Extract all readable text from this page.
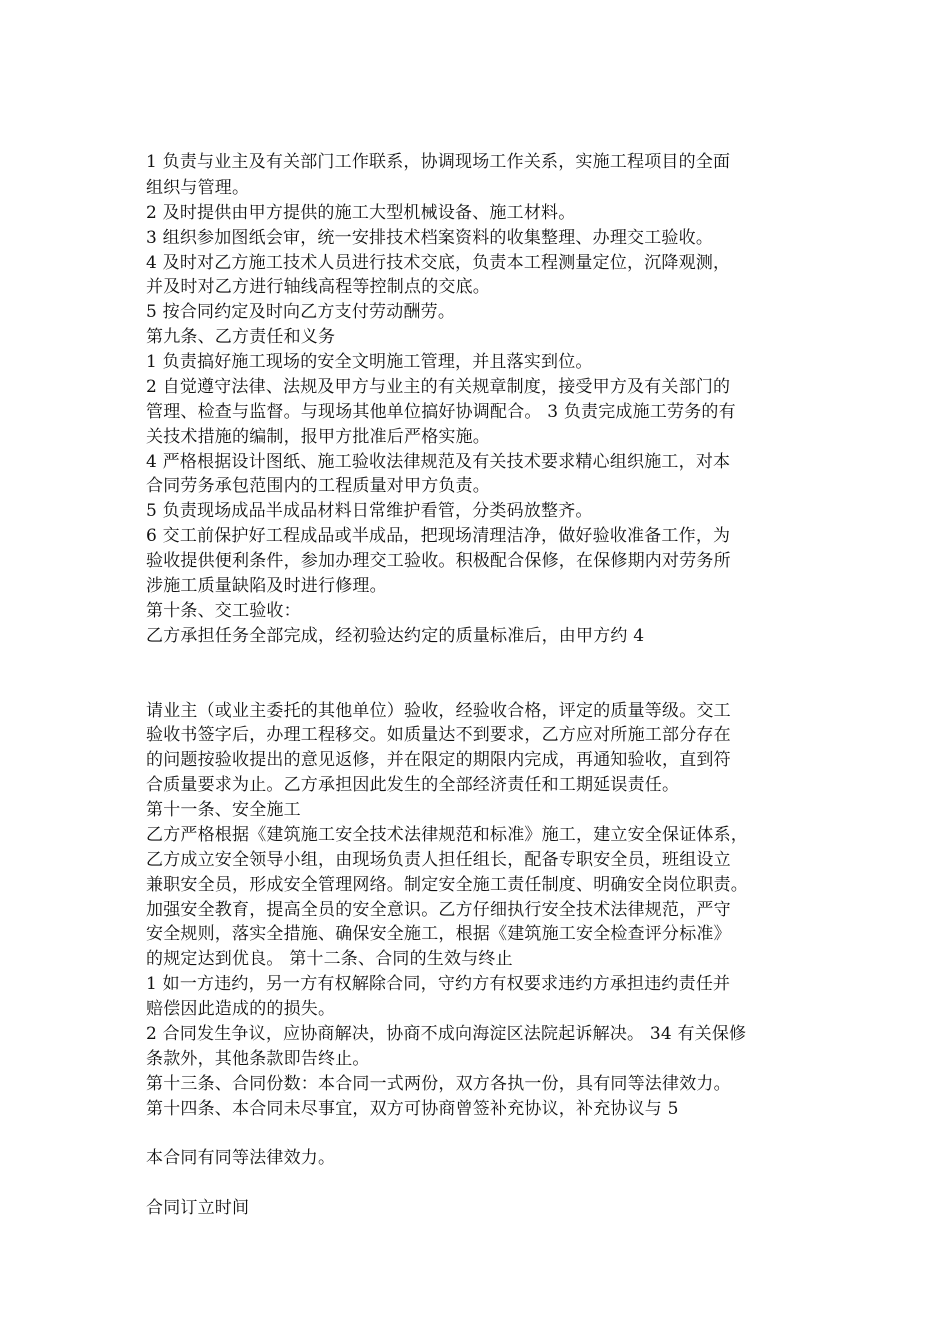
1 负责与业主及有关部门工作联系，协调现场工作关系，实施工程项目的全面
组织与管理。
2 及时提供由甲方提供的施工大型机械设备、施工材料。
3 组织参加图纸会审，统一安排技术档案资料的收集整理、办理交工验收。
4 及时对乙方施工技术人员进行技术交底，负责本工程测量定位，沉降观测，
并及时对乙方进行轴线高程等控制点的交底。
5 按合同约定及时向乙方支付劳动酬劳。
第九条、乙方责任和义务
1 负责搞好施工现场的安全文明施工管理，并且落实到位。
2 自觉遵守法律、法规及甲方与业主的有关规章制度，接受甲方及有关部门的
管理、检查与监督。与现场其他单位搞好协调配合。 3 负责完成施工劳务的有
关技术措施的编制，报甲方批准后严格实施。
4 严格根据设计图纸、施工验收法律规范及有关技术要求精心组织施工，对本
合同劳务承包范围内的工程质量对甲方负责。
5 负责现场成品半成品材料日常维护看管，分类码放整齐。
6 交工前保护好工程成品或半成品，把现场清理洁净，做好验收准备工作，为
验收提供便利条件，参加办理交工验收。积极配合保修，在保修期内对劳务所
涉施工质量缺陷及时进行修理。
第十条、交工验收：
乙方承担任务全部完成，经初验达约定的质量标准后，由甲方约 4
请业主（或业主委托的其他单位）验收，经验收合格，评定的质量等级。交工
验收书签字后，办理工程移交。如质量达不到要求，乙方应对所施工部分存在
的问题按验收提出的意见返修，并在限定的期限内完成，再通知验收，直到符
合质量要求为止。乙方承担因此发生的全部经济责任和工期延误责任。
第十一条、安全施工
乙方严格根据《建筑施工安全技术法律规范和标准》施工，建立安全保证体系，
乙方成立安全领导小组，由现场负责人担任组长，配备专职安全员，班组设立
兼职安全员，形成安全管理网络。制定安全施工责任制度、明确安全岗位职责。
加强安全教育，提高全员的安全意识。乙方仔细执行安全技术法律规范，严守
安全规则，落实全措施、确保安全施工，根据《建筑施工安全检查评分标准》
的规定达到优良。 第十二条、合同的生效与终止
1 如一方违约，另一方有权解除合同，守约方有权要求违约方承担违约责任并
赔偿因此造成的的损失。
2 合同发生争议，应协商解决，协商不成向海淀区法院起诉解决。 34 有关保修
条款外，其他条款即告终止。
第十三条、合同份数：本合同一式两份，双方各执一份，具有同等法律效力。
第十四条、本合同未尽事宜，双方可协商曾签补充协议，补充协议与 5
本合同有同等法律效力。
合同订立时间
